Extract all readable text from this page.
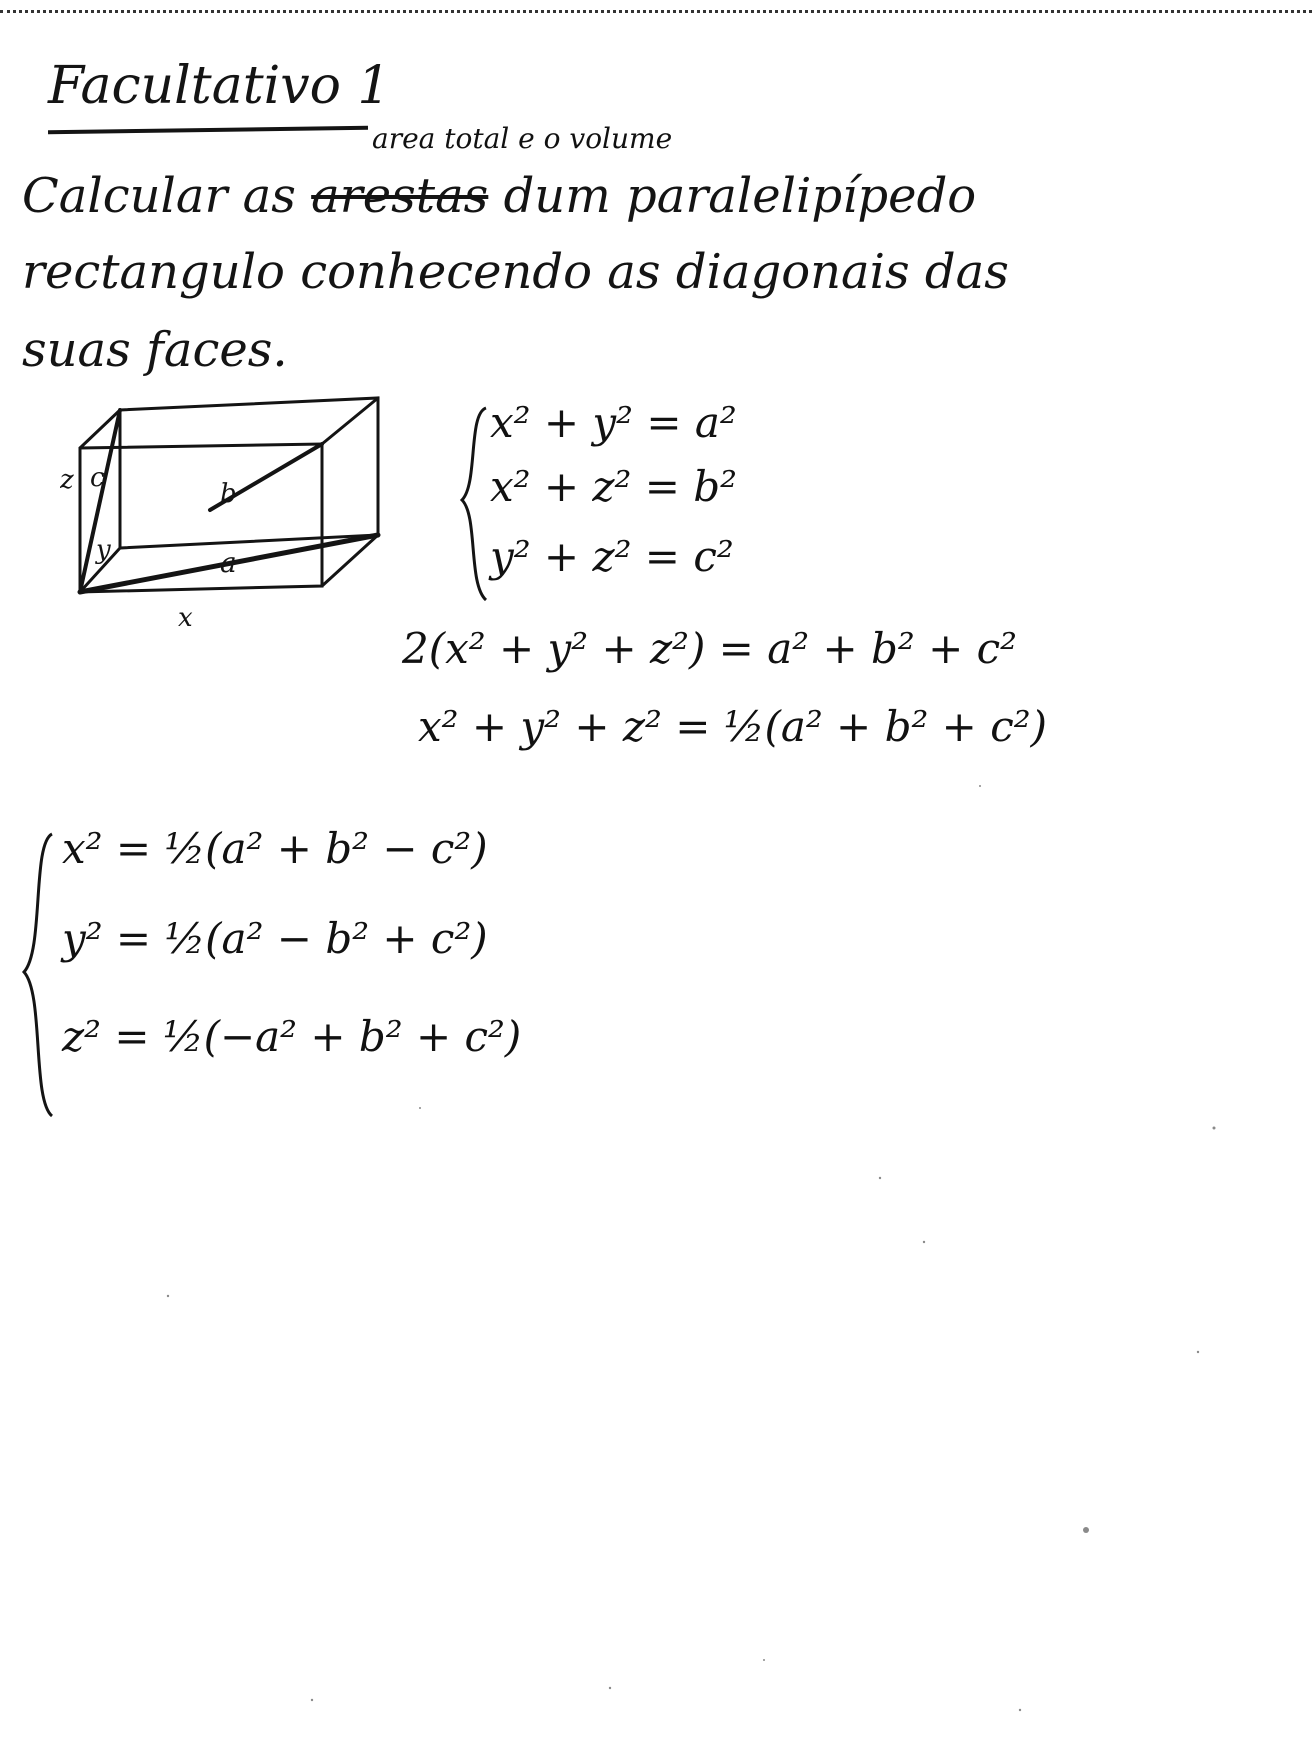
Facultativo 1
area total e o volume
Calcular as arestas dum paralelipípedo
rectangulo conhecendo as diagonais das
suas faces.
z c
b
y	a
x
x² + y² = a²
x² + z² = b²
y² + z² = c²
2(x² + y² + z²) = a² + b² + c²
x² + y² + z² = ½(a² + b² + c²)
x² = ½(a² + b² − c²)
y² = ½(a² − b² + c²)
z² = ½(−a² + b² + c²)
